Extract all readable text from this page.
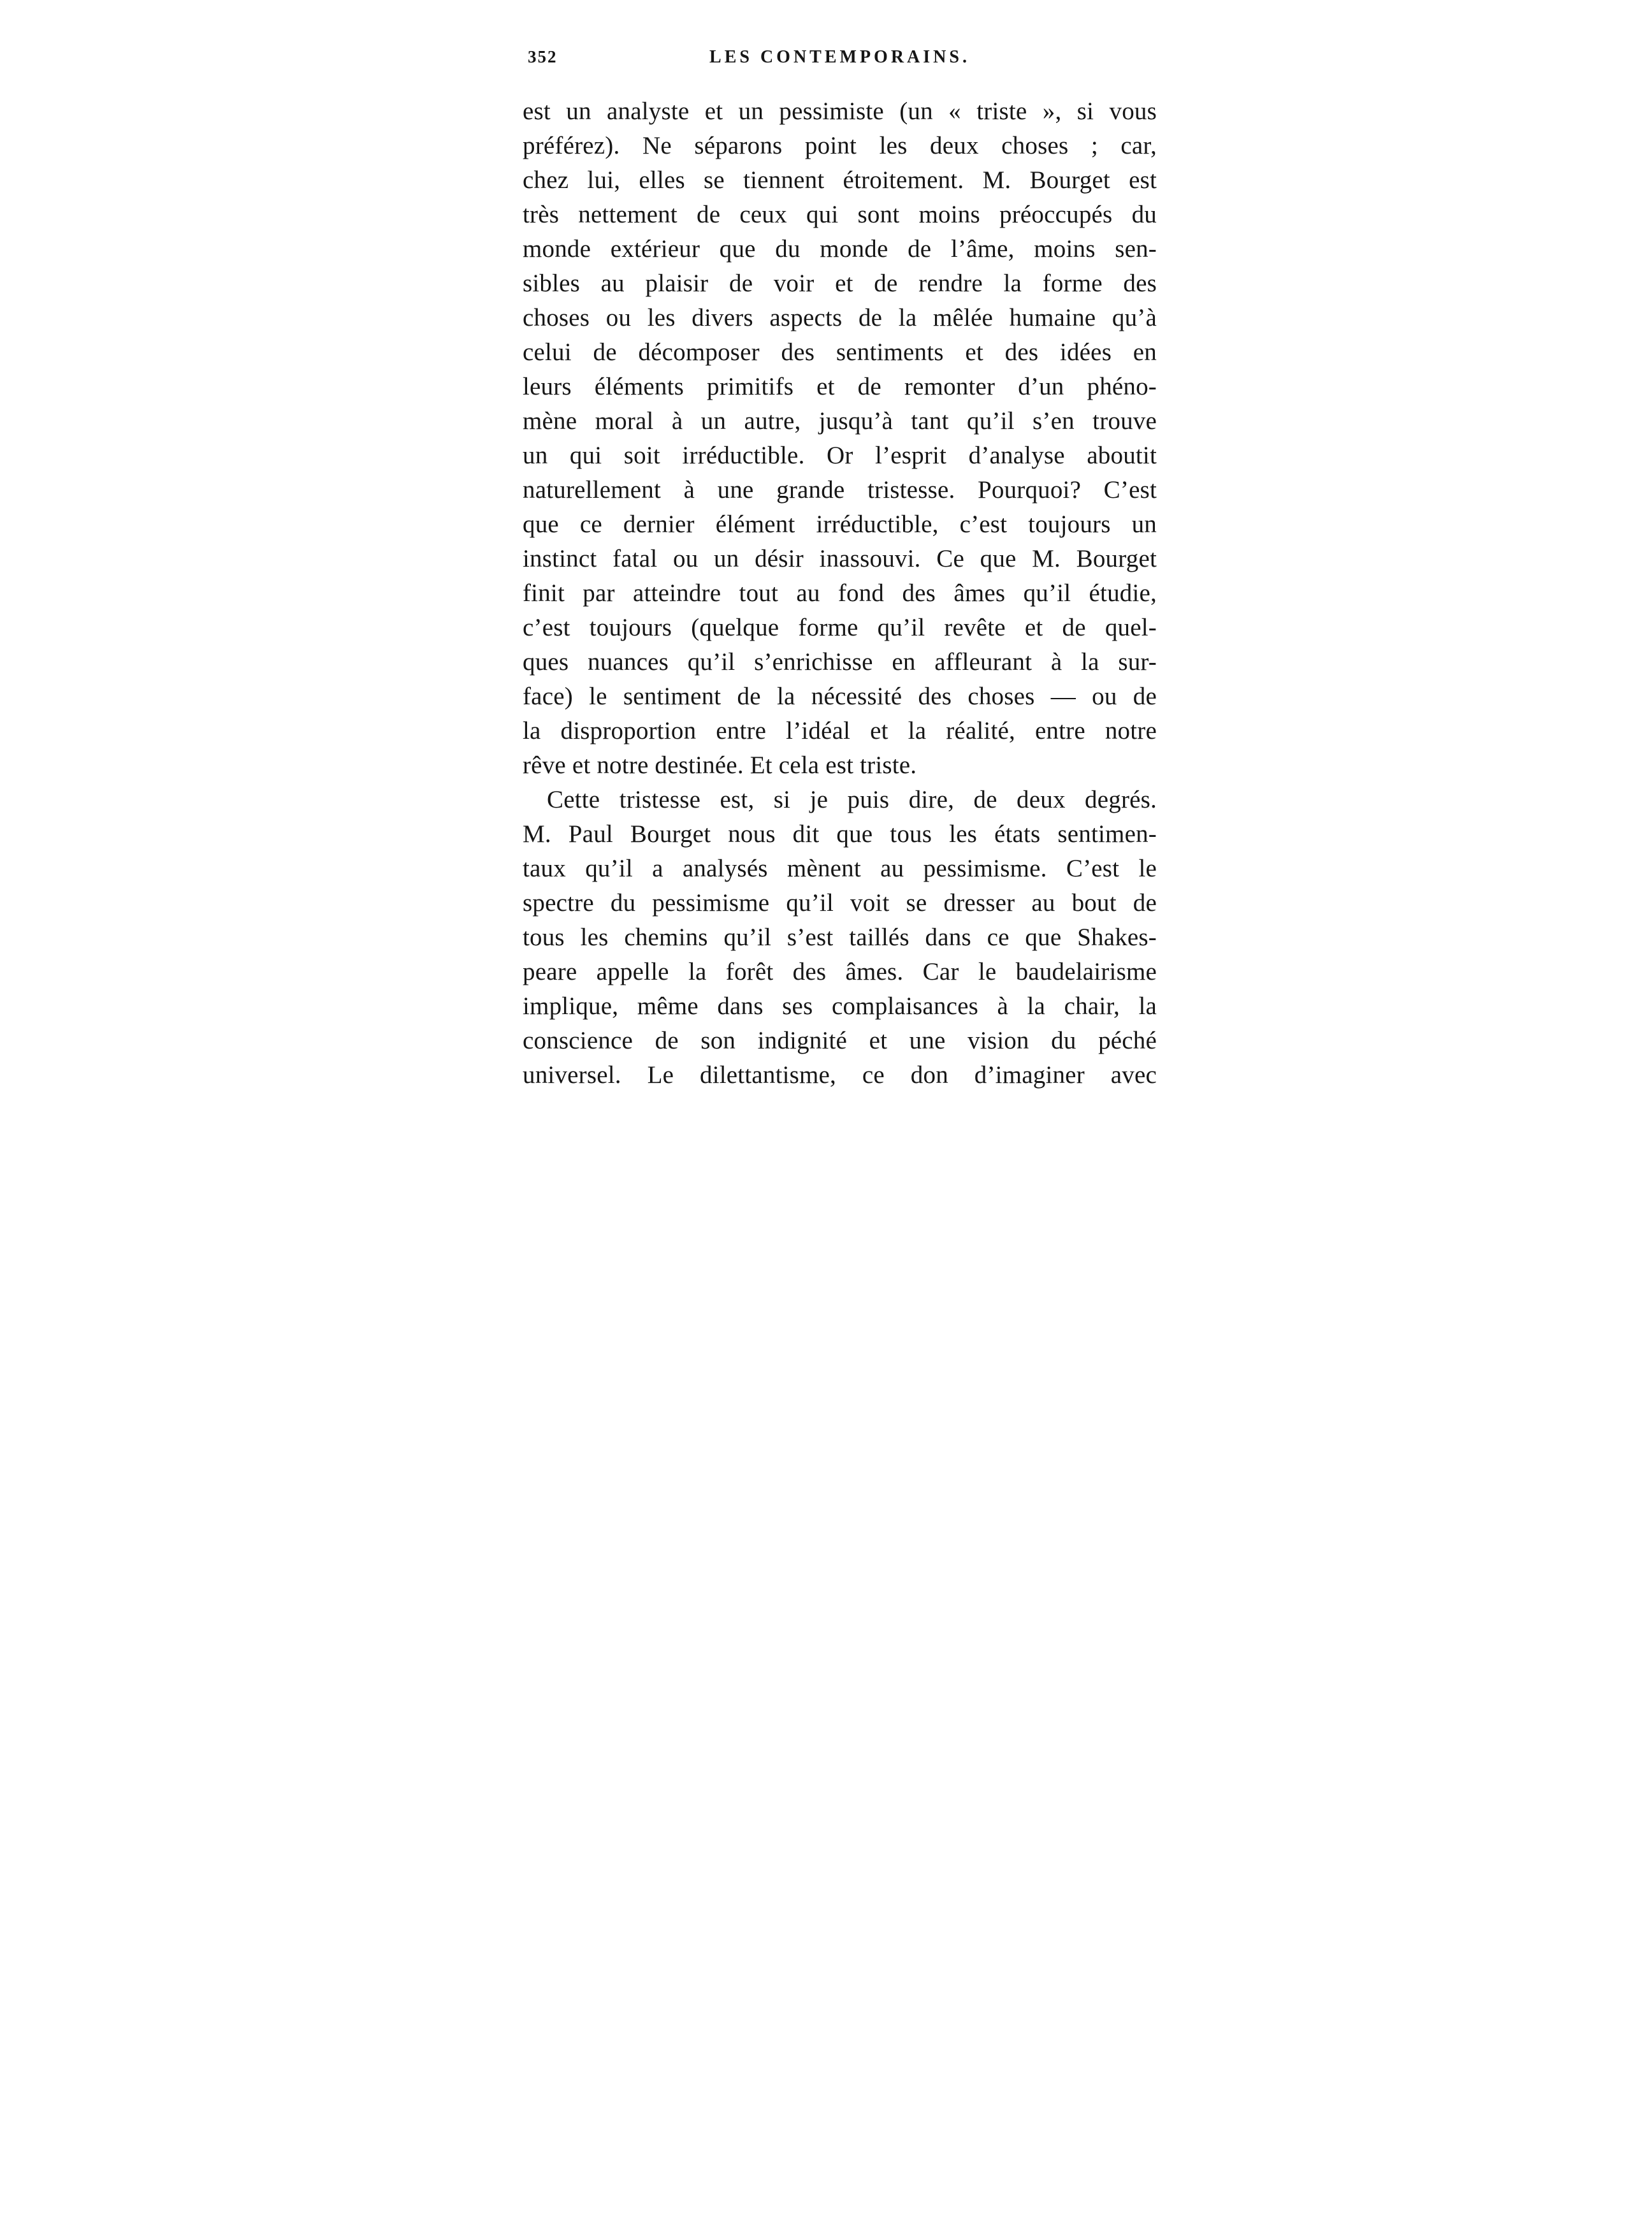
352	LES CONTEMPORAINS.
est un analyste et un pessimiste (un « triste », si vous
préférez). Ne séparons point les deux choses ; car,
chez lui, elles se tiennent étroitement. M. Bourget est
très nettement de ceux qui sont moins préoccupés du
monde extérieur que du monde de l’âme, moins sen-
sibles au plaisir de voir et de rendre la forme des
choses ou les divers aspects de la mêlée humaine qu’à
celui de décomposer des sentiments et des idées en
leurs éléments primitifs et de remonter d’un phéno-
mène moral à un autre, jusqu’à tant qu’il s’en trouve
un qui soit irréductible. Or l’esprit d’analyse aboutit
naturellement à une grande tristesse. Pourquoi? C’est
que ce dernier élément irréductible, c’est toujours un
instinct fatal ou un désir inassouvi. Ce que M. Bourget
finit par atteindre tout au fond des âmes qu’il étudie,
c’est toujours (quelque forme qu’il revête et de quel-
ques nuances qu’il s’enrichisse en affleurant à la sur-
face) le sentiment de la nécessité des choses — ou de
la disproportion entre l’idéal et la réalité, entre notre
rêve et notre destinée. Et cela est triste.
Cette tristesse est, si je puis dire, de deux degrés.
M. Paul Bourget nous dit que tous les états sentimen-
taux qu’il a analysés mènent au pessimisme. C’est le
spectre du pessimisme qu’il voit se dresser au bout de
tous les chemins qu’il s’est taillés dans ce que Shakes-
peare appelle la forêt des âmes. Car le baudelairisme
implique, même dans ses complaisances à la chair, la
conscience de son indignité et une vision du péché
universel. Le dilettantisme, ce don d’imaginer avec
